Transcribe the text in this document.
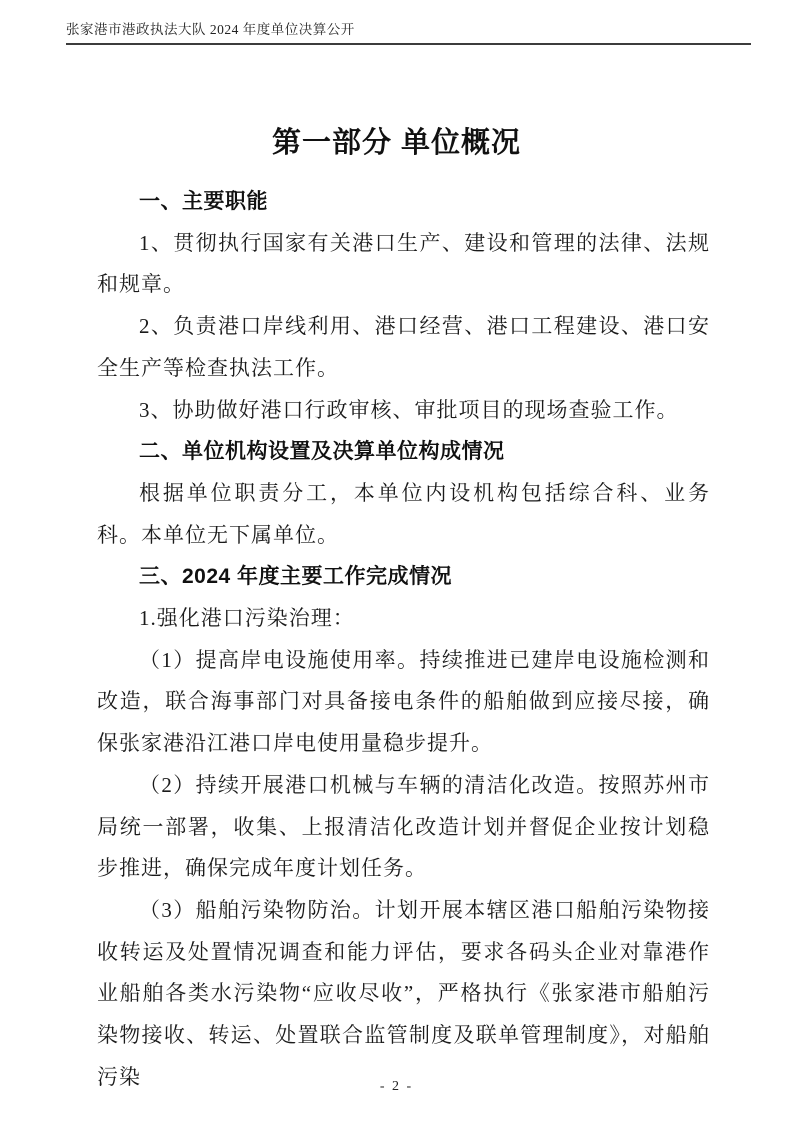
张家港市港政执法大队 2024 年度单位决算公开
第一部分 单位概况
一、主要职能

1、贯彻执行国家有关港口生产、建设和管理的法律、法规和规章。

2、负责港口岸线利用、港口经营、港口工程建设、港口安全生产等检查执法工作。

3、协助做好港口行政审核、审批项目的现场查验工作。

二、单位机构设置及决算单位构成情况

根据单位职责分工，本单位内设机构包括综合科、业务科。本单位无下属单位。

三、2024 年度主要工作完成情况

1.强化港口污染治理：

（1）提高岸电设施使用率。持续推进已建岸电设施检测和改造，联合海事部门对具备接电条件的船舶做到应接尽接，确保张家港沿江港口岸电使用量稳步提升。

（2）持续开展港口机械与车辆的清洁化改造。按照苏州市局统一部署，收集、上报清洁化改造计划并督促企业按计划稳步推进，确保完成年度计划任务。

（3）船舶污染物防治。计划开展本辖区港口船舶污染物接收转运及处置情况调查和能力评估，要求各码头企业对靠港作业船舶各类水污染物“应收尽收”，严格执行《张家港市船舶污染物接收、转运、处置联合监管制度及联单管理制度》，对船舶污染	- 2 -
